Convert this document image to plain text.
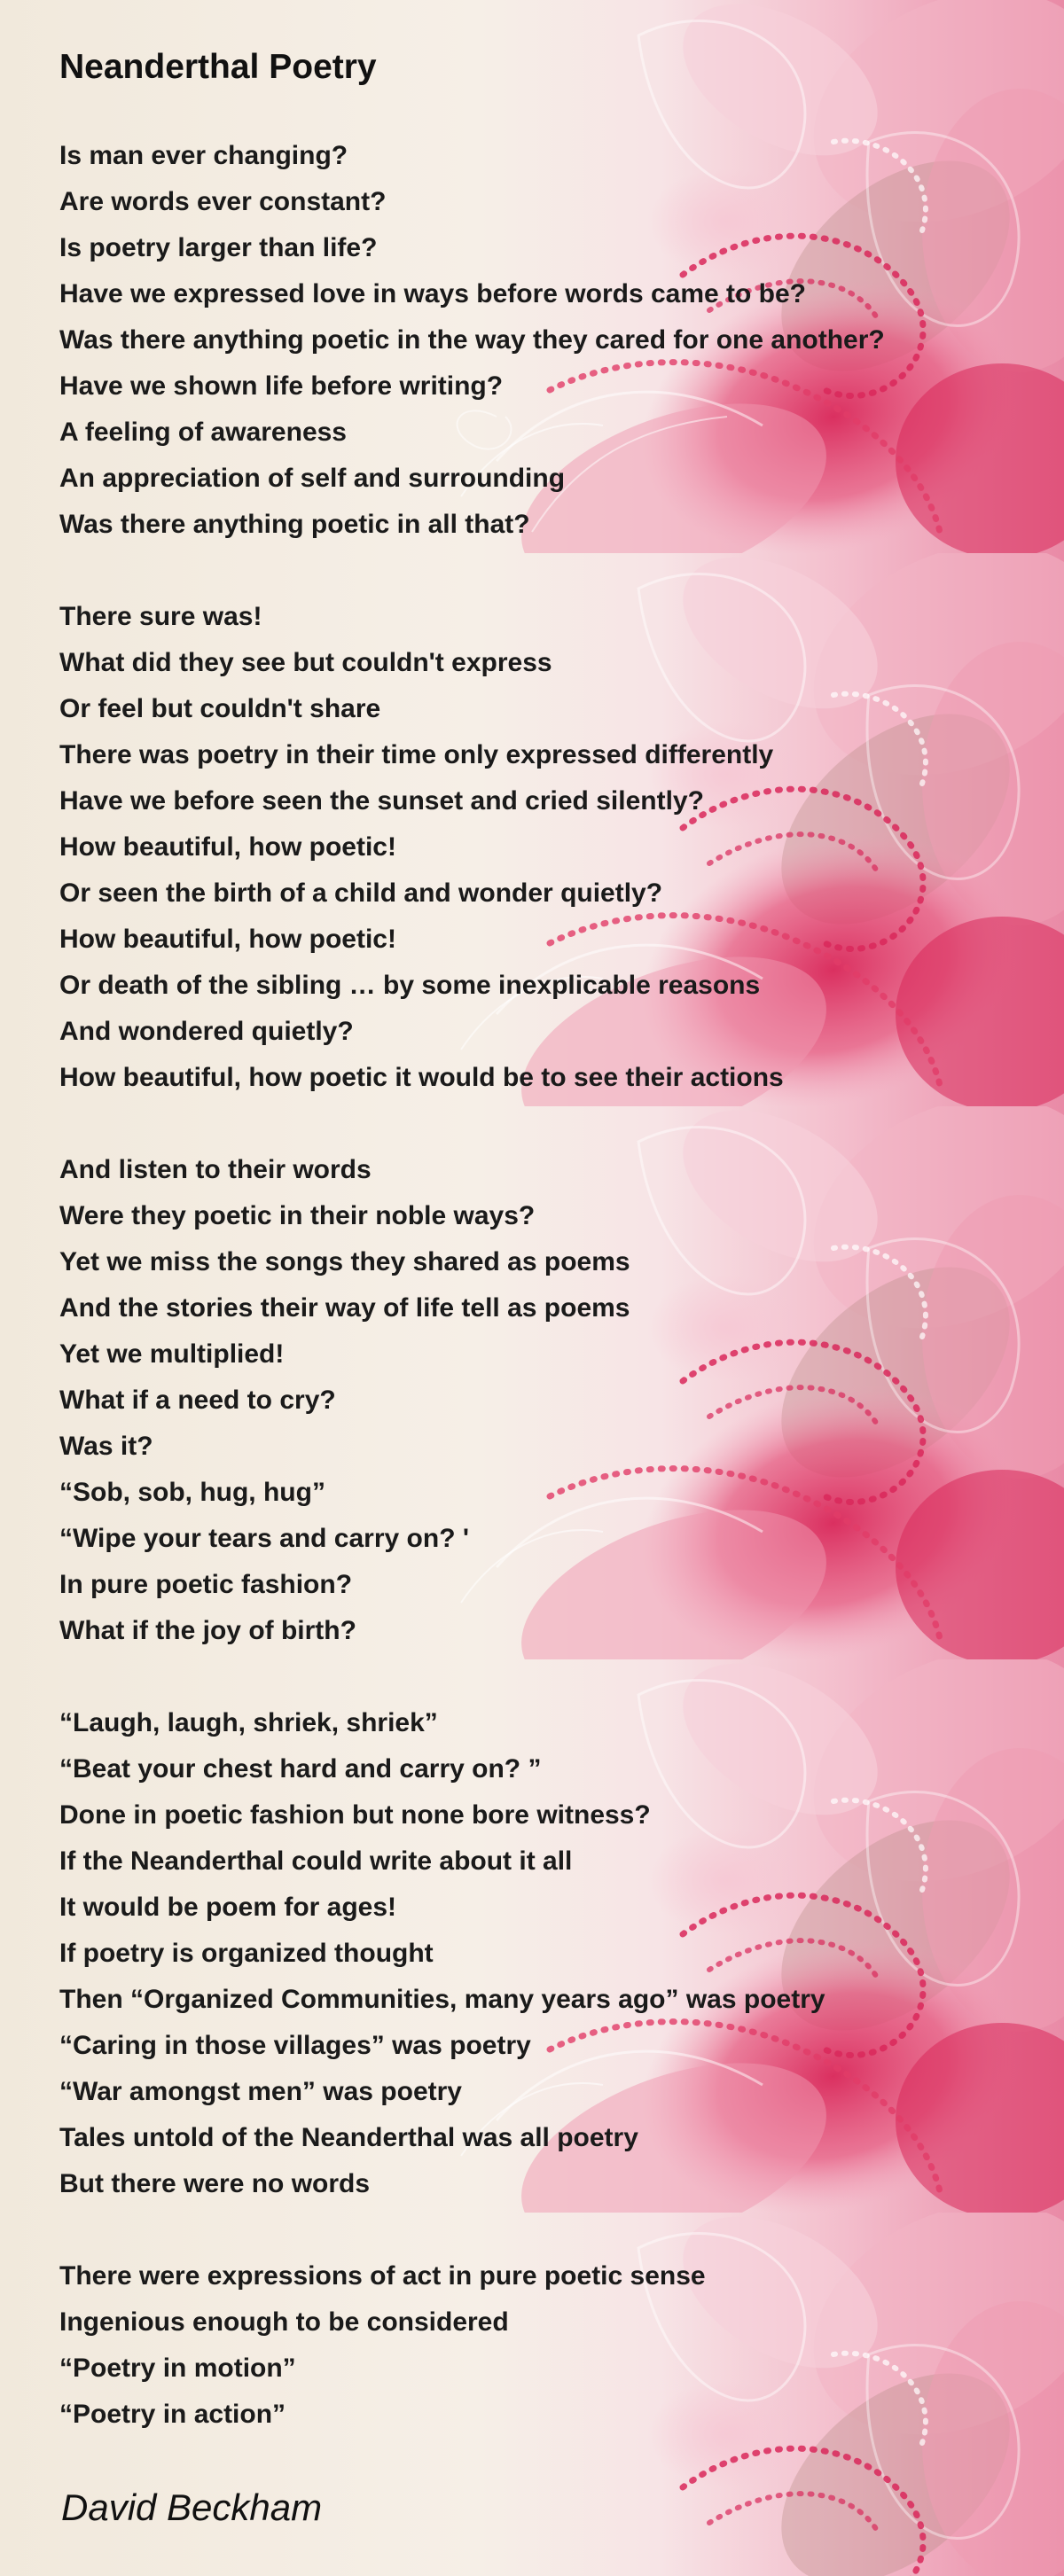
Neanderthal Poetry
Is man ever changing?
Are words ever constant?
Is poetry larger than life?
Have we expressed love in ways before words came to be?
Was there anything poetic in the way they cared for one another?
Have we shown life before writing?
A feeling of awareness
An appreciation of self and surrounding
Was there anything poetic in all that?
There sure was!
What did they see but couldn't express
Or feel but couldn't share
There was poetry in their time only expressed differently
Have we before seen the sunset and cried silently?
How beautiful, how poetic!
Or seen the birth of a child and wonder quietly?
How beautiful, how poetic!
Or death of the sibling … by some inexplicable reasons
And wondered quietly?
How beautiful, how poetic it would be to see their actions
And listen to their words
Were they poetic in their noble ways?
Yet we miss the songs they shared as poems
And the stories their way of life tell as poems
Yet we multiplied!
What if a need to cry?
Was it?
“Sob, sob, hug, hug”
“Wipe your tears and carry on? '
In pure poetic fashion?
What if the joy of birth?
“Laugh, laugh, shriek, shriek”
“Beat your chest hard and carry on? ”
Done in poetic fashion but none bore witness?
If the Neanderthal could write about it all
It would be poem for ages!
If poetry is organized thought
Then “Organized Communities, many years ago” was poetry
“Caring in those villages” was poetry
“War amongst men” was poetry
Tales untold of the Neanderthal was all poetry
But there were no words
There were expressions of act in pure poetic sense
Ingenious enough to be considered
“Poetry in motion”
“Poetry in action”
David Beckham
